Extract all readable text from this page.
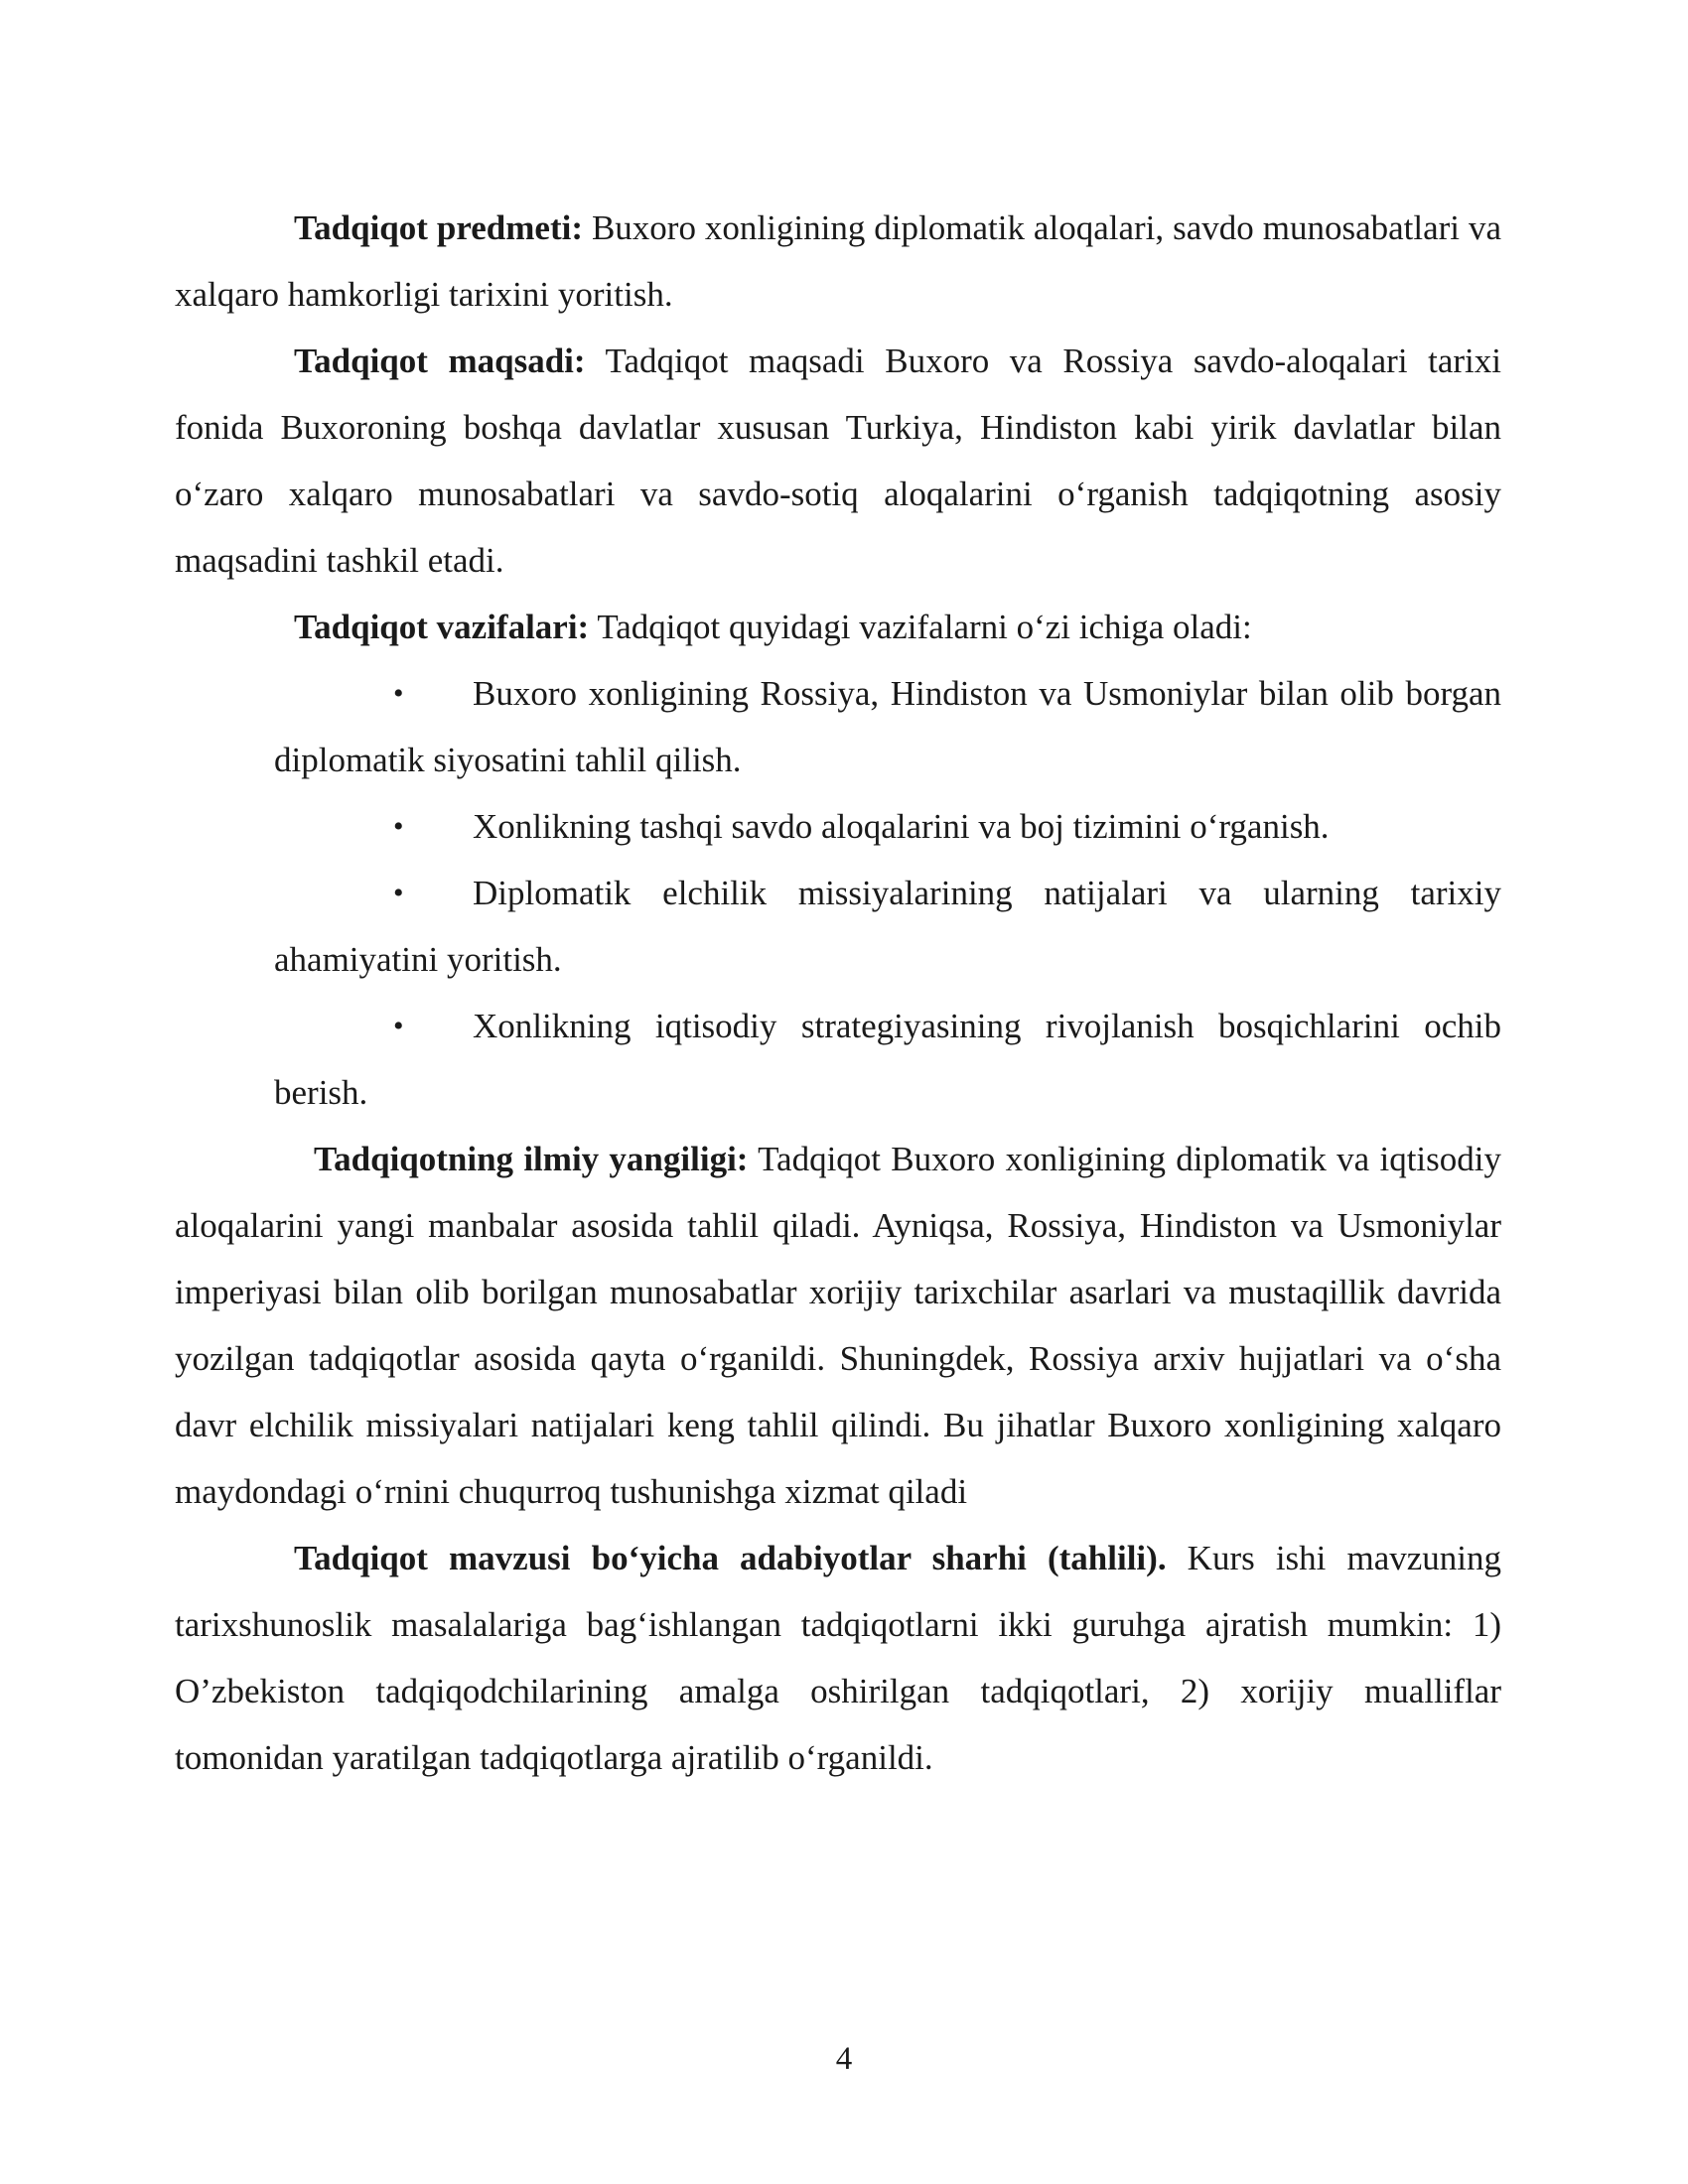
Tadqiqot predmeti: Buxoro xonligining diplomatik aloqalari, savdo munosabatlari va xalqaro hamkorligi tarixini yoritish.

Tadqiqot maqsadi: Tadqiqot maqsadi Buxoro va Rossiya savdo-aloqalari tarixi fonida Buxoroning boshqa davlatlar xususan Turkiya, Hindiston kabi yirik davlatlar bilan o‘zaro xalqaro munosabatlari va savdo-sotiq aloqalarini o‘rganish tadqiqotning asosiy maqsadini tashkil etadi.

Tadqiqot vazifalari: Tadqiqot quyidagi vazifalarni o‘zi ichiga oladi:

• Buxoro xonligining Rossiya, Hindiston va Usmoniylar bilan olib borgan diplomatik siyosatini tahlil qilish.
• Xonlikning tashqi savdo aloqalarini va boj tizimini o‘rganish.
• Diplomatik elchilik missiyalarining natijalari va ularning tarixiy ahamiyatini yoritish.
• Xonlikning iqtisodiy strategiyasining rivojlanish bosqichlarini ochib berish.

Tadqiqotning ilmiy yangiligi: Tadqiqot Buxoro xonligining diplomatik va iqtisodiy aloqalarini yangi manbalar asosida tahlil qiladi. Ayniqsa, Rossiya, Hindiston va Usmoniylar imperiyasi bilan olib borilgan munosabatlar xorijiy tarixchilar asarlari va mustaqillik davrida yozilgan tadqiqotlar asosida qayta o‘rganildi. Shuningdek, Rossiya arxiv hujjatlari va o‘sha davr elchilik missiyalari natijalari keng tahlil qilindi. Bu jihatlar Buxoro xonligining xalqaro maydondagi o‘rnini chuqurroq tushunishga xizmat qiladi

Tadqiqot mavzusi bo‘yicha adabiyotlar sharhi (tahlili). Kurs ishi mavzuning tarixshunoslik masalalariga bag‘ishlangan tadqiqotlarni ikki guruhga ajratish mumkin: 1) O’zbekiston tadqiqodchilarining amalga oshirilgan tadqiqotlari, 2) xorijiy mualliflar tomonidan yaratilgan tadqiqotlarga ajratilib o‘rganildi.

4
